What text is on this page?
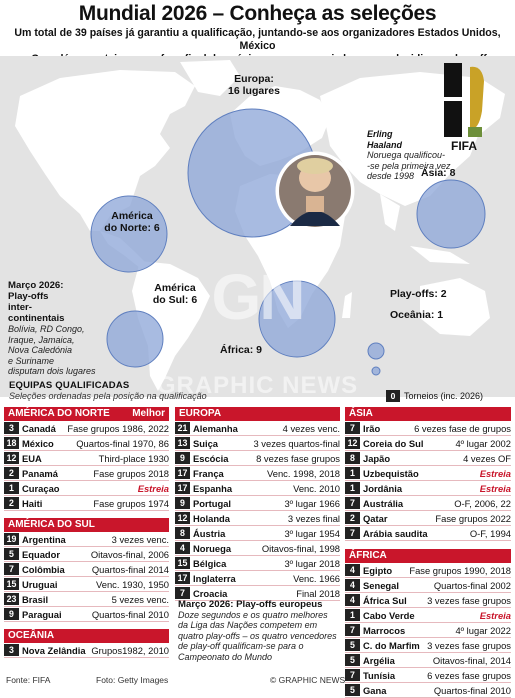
Mundial 2026 – Conheça as seleções
Um total de 39 países já garantiu a qualificação, juntando-se aos organizadores Estados Unidos, México
Europa:
16 lugares
Ásia: 8
América
do Norte: 6
América
do Sul: 6
África: 9
Play-offs: 2
Oceânia: 1
Março 2026:
Play-offs
inter-
continentais
Bolívia, RD Congo,
Iraque, Jamaica,
Nova Caledónia
e Suriname
disputam dois lugares
Erling
Haaland
Noruega qualificou-
-se pela primeira vez
desde 1998
FIFA
GN
GRAPHIC NEWS
EQUIPAS QUALIFICADAS
Seleções ordenadas pela posição na qualificação	0 Torneios (inc. 2026)
AMÉRICA DO NORTE Melhor
3 Canadá	Fase grupos 1986, 2022
18 México	Quartos-final 1970, 86
12 EUA	Third-place 1930
2 Panamá	Fase grupos 2018
1 Curaçao	Estreia
2 Haiti	Fase grupos 1974
AMÉRICA DO SUL
19 Argentina	3 vezes venc.
5 Equador	Oitavos-final, 2006
7 Colômbia	Quartos-final 2014
15 Uruguai	Venc. 1930, 1950
23 Brasil	5 vezes venc.
9 Paraguai	Quartos-final 2010
OCEÂNIA
3 Nova Zelândia Grupos1982, 2010
EUROPA
21 Alemanha	4 vezes venc.
13 Suiça	3 vezes quartos-final
9 Escócia	8 vezes fase grupos
17 França	Venc. 1998, 2018
17 Espanha	Venc. 2010
9 Portugal	3º lugar 1966
12 Holanda	3 vezes final
8 Áustria	3º lugar 1954
4 Noruega	Oitavos-final, 1998
15 Bélgica	3º lugar 2018
17 Inglaterra	Venc. 1966
7 Croacia	Final 2018
Março 2026: Play-offs europeus
Doze segundos e os quatro melhores
da Liga das Nações competem em
quatro play-offs – os quatro vencedores
de play-off qualificam-se para o
Campeonato do Mundo
ÁSIA
7 Irão	6 vezes fase de grupos
12 Coreia do Sul	4º lugar 2002
8 Japão	4 vezes OF
1 Uzbequistão	Estreia
1 Jordânia	Estreia
7 Austrália	O-F, 2006, 22
2 Qatar	Fase grupos 2022
7 Arábia saudita	O-F, 1994
ÁFRICA
4 Egipto	Fase grupos 1990, 2018
4 Senegal	Quartos-final 2002
4 África Sul	3 vezes fase grupos
1 Cabo Verde	Estreia
7 Marrocos	4º lugar 2022
5 C. do Marfim 3 vezes fase grupos
5 Argélia	Oitavos-final, 2014
7 Tunísia	6 vezes fase grupos
5 Gana	Quartos-final 2010
Fonte: FIFA	Foto: Getty Images	© GRAPHIC NEWS
